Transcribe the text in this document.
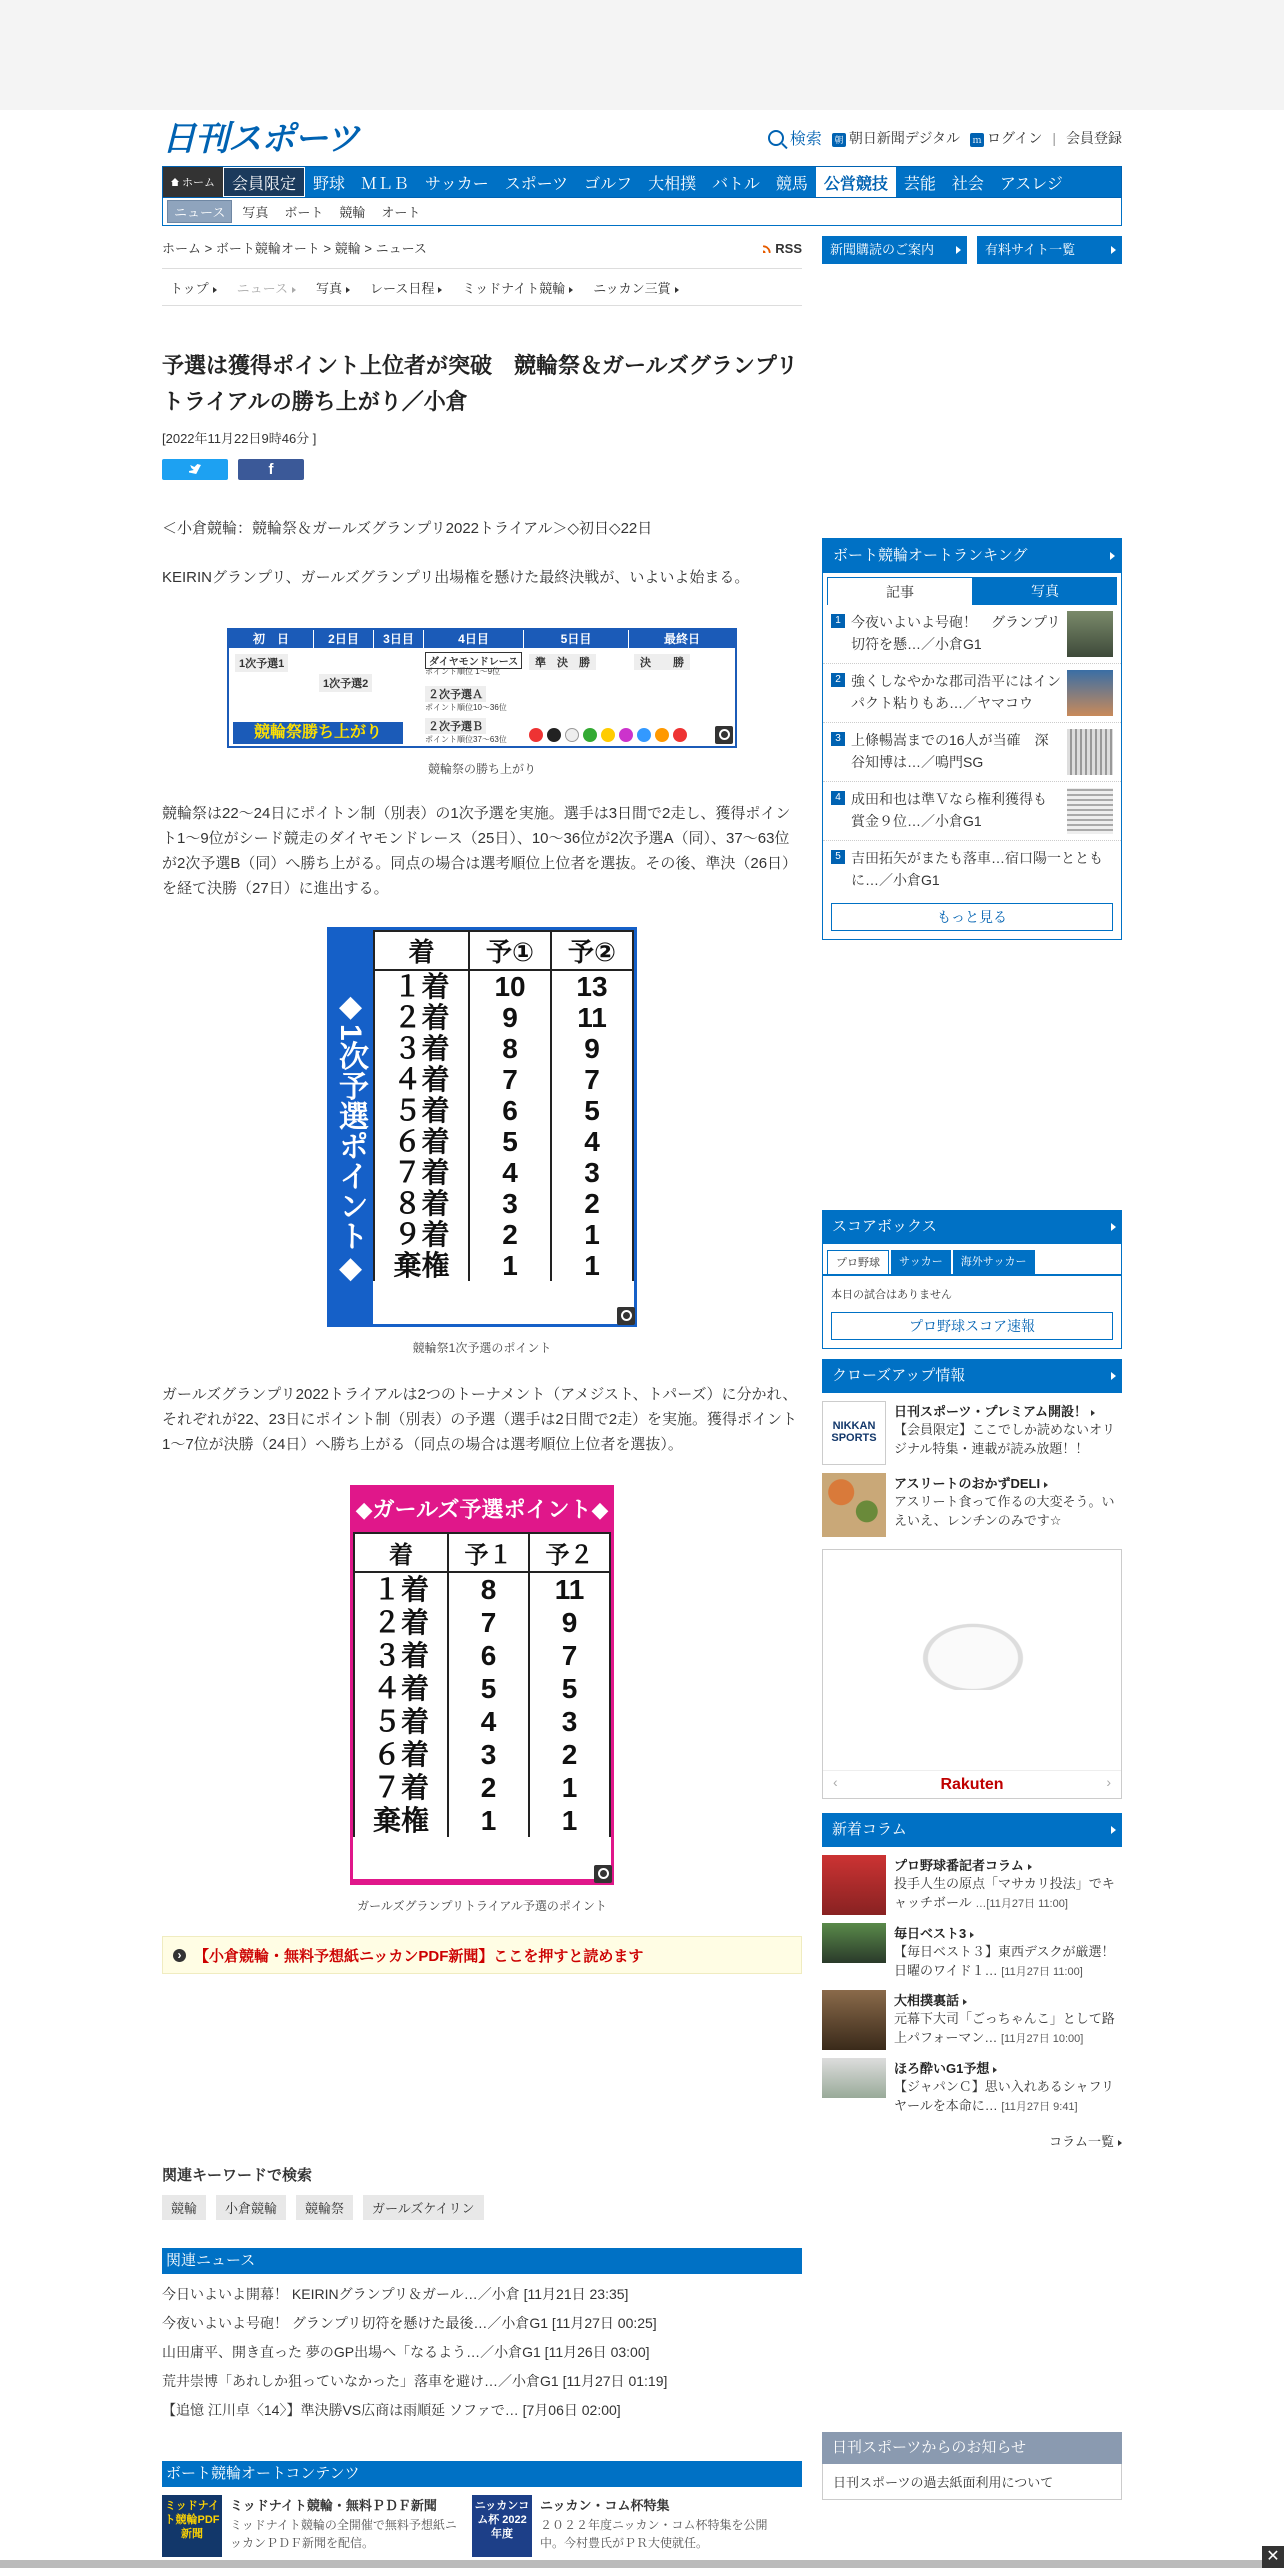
日刊スポーツ	検索 朝 朝日新聞デジタル ｍ ログイン | 会員登録
ホーム	会員限定	野球	ＭＬＢ	サッカー	スポーツ	ゴルフ	大相撲	バトル	競馬	公営競技	芸能	社会	アスレジ
ニュース	写真	ボート	競輪	オート
ホーム > ボート競輪オート > 競輪 > ニュース	RSS
トップ	ニュース	写真	レース日程	ミッドナイト競輪	ニッカン三賞
予選は獲得ポイント上位者が突破　競輪祭＆ガールズグランプリトライアルの勝ち上がり／小倉
[2022年11月22日9時46分 ]
f

＜小倉競輪：競輪祭＆ガールズグランプリ2022トライアル＞◇初日◇22日

KEIRINグランプリ、ガールズグランプリ出場権を懸けた最終決戦が、いよいよ始まる。

初　日	2日目	3日目	4日目	5日目	最終日
1次予選1
1次予選2
ダイヤモンドレース
ポイント順位 1～9位
２次予選Ａ
ポイント順位10～36位
２次予選Ｂ
ポイント順位37～63位
準　決　勝	決　　勝
競輪祭勝ち上がり
競輪祭の勝ち上がり

競輪祭は22～24日にポイトン制（別表）の1次予選を実施。選手は3日間で2走し、獲得ポイント1～9位がシード競走のダイヤモンドレース（25日）、10～36位が2次予選A（同）、37～63位が2次予選B（同）へ勝ち上がる。同点の場合は選考順位上位者を選抜。その後、準決（26日）を経て決勝（27日）に進出する。

◆1次予選ポイント◆
着	予①	予②
１着	10	13
２着	9	11
３着	8	9
４着	7	7
５着	6	5
６着	5	4
７着	4	3
８着	3	2
９着	2	1
棄権	1	1
競輪祭1次予選のポイント

ガールズグランプリ2022トライアルは2つのトーナメント（アメジスト、トパーズ）に分かれ、それぞれが22、23日にポイント制（別表）の予選（選手は2日間で2走）を実施。獲得ポイント1～7位が決勝（24日）へ勝ち上がる（同点の場合は選考順位上位者を選抜）。

◆ガールズ予選ポイント◆
着	予１	予２
１着	8	11
２着	7	9
３着	6	7
４着	5	5
５着	4	3
６着	3	2
７着	2	1
棄権	1	1
ガールズグランプリトライアル予選のポイント
› 【小倉競輪・無料予想紙ニッカンPDF新聞】ここを押すと読めます
関連キーワードで検索
競輪	小倉競輪	競輪祭	ガールズケイリン
関連ニュース
今日いよいよ開幕！ KEIRINグランプリ＆ガール…／小倉 [11月21日 23:35]
今夜いよいよ号砲！ グランプリ切符を懸けた最後…／小倉G1 [11月27日 00:25]
山田庸平、開き直った 夢のGP出場へ「なるよう…／小倉G1 [11月26日 03:00]
荒井崇博「あれしか狙っていなかった」落車を避け…／小倉G1 [11月27日 01:19]
【追憶 江川卓〈14〉】準決勝VS広商は雨順延 ソファで… [7月06日 02:00]
ボート競輪オートコンテンツ
ミッドナイト競輪PDF新聞
ミッドナイト競輪・無料ＰＤＦ新聞
ミッドナイト競輪の全開催で無料予想紙ニッカンＰＤＦ新聞を配信。
ニッカンコム杯 2022年度
ニッカン・コム杯特集
２０２２年度ニッカン・コム杯特集を公開中。今村豊氏がＰＲ大使就任。
新聞購読のご案内	有料サイト一覧
ボート競輪オートランキング
記事	写真
1 今夜いよいよ号砲！　グランプリ切符を懸…／小倉G1
2 強くしなやかな郡司浩平にはインパクト粘りもあ…／ヤマコウ
3 上條暢嵩までの16人が当確　深谷知博は…／鳴門SG
4 成田和也は準Ｖなら権利獲得も　賞金９位…／小倉G1
5 吉田拓矢がまたも落車…宿口陽一とともに…／小倉G1
もっと見る
スコアボックス
プロ野球	サッカー	海外サッカー
本日の試合はありません
プロ野球スコア速報
クローズアップ情報
NIKKAN SPORTS
日刊スポーツ・プレミアム開設！
【会員限定】ここでしか読めないオリジナル特集・連載が読み放題！！
アスリートのおかずDELI
アスリート食って作るの大変そう。いえいえ、レンチンのみです☆
Rakuten
‹	›
新着コラム
プロ野球番記者コラム
投手人生の原点「マサカリ投法」でキャッチボール …[11月27日 11:00]
毎日ベスト3
【毎日ベスト３】東西デスクが厳選！日曜のワイド１… [11月27日 11:00]
大相撲裏話
元幕下大司「ごっちゃんこ」として路上パフォーマン… [11月27日 10:00]
ほろ酔いG1予想
【ジャパンＣ】思い入れあるシャフリヤールを本命に… [11月27日 9:41]
コラム一覧
日刊スポーツからのお知らせ
日刊スポーツの過去紙面利用について
✕
